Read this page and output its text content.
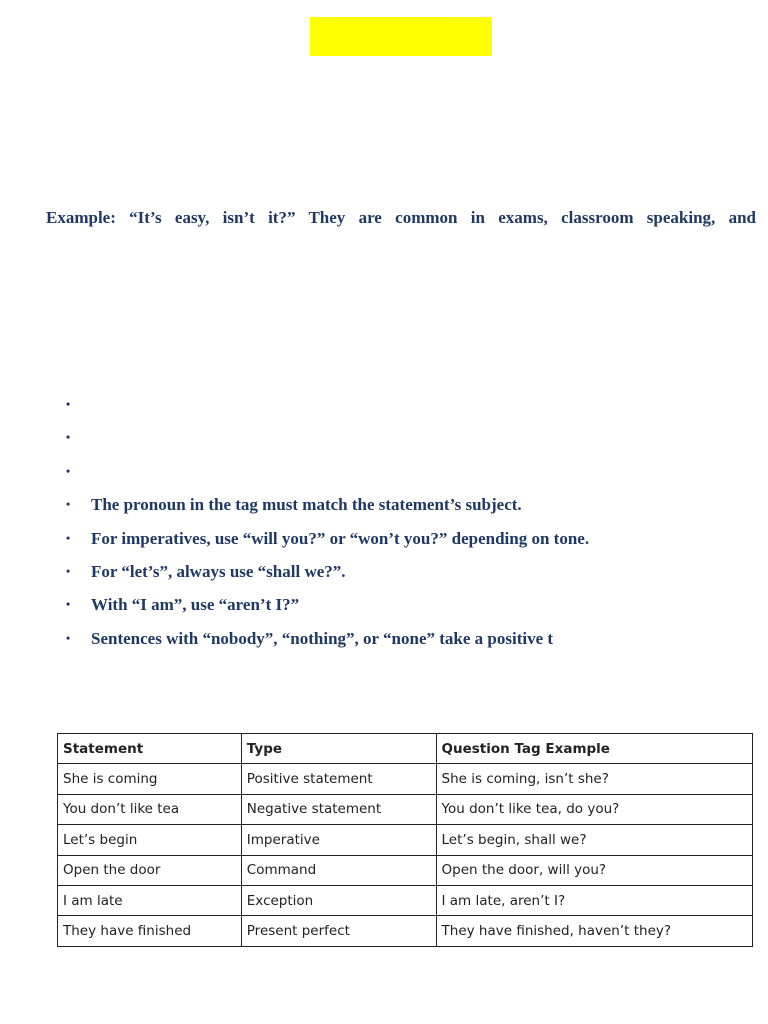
Example: “It’s easy, isn’t it?” They are common in exams, classroom speaking, and

•
•
•
• The pronoun in the tag must match the statement’s subject.
• For imperatives, use “will you?” or “won’t you?” depending on tone.
• For “let’s”, always use “shall we?”.
• With “I am”, use “aren’t I?”
• Sentences with “nobody”, “nothing”, or “none” take a positive t
Statement	Type	Question Tag Example
She is coming	Positive statement	She is coming, isn’t she?
You don’t like tea	Negative statement	You don’t like tea, do you?
Let’s begin	Imperative	Let’s begin, shall we?
Open the door	Command	Open the door, will you?
I am late	Exception	I am late, aren’t I?
They have finished	Present perfect	They have finished, haven’t they?
